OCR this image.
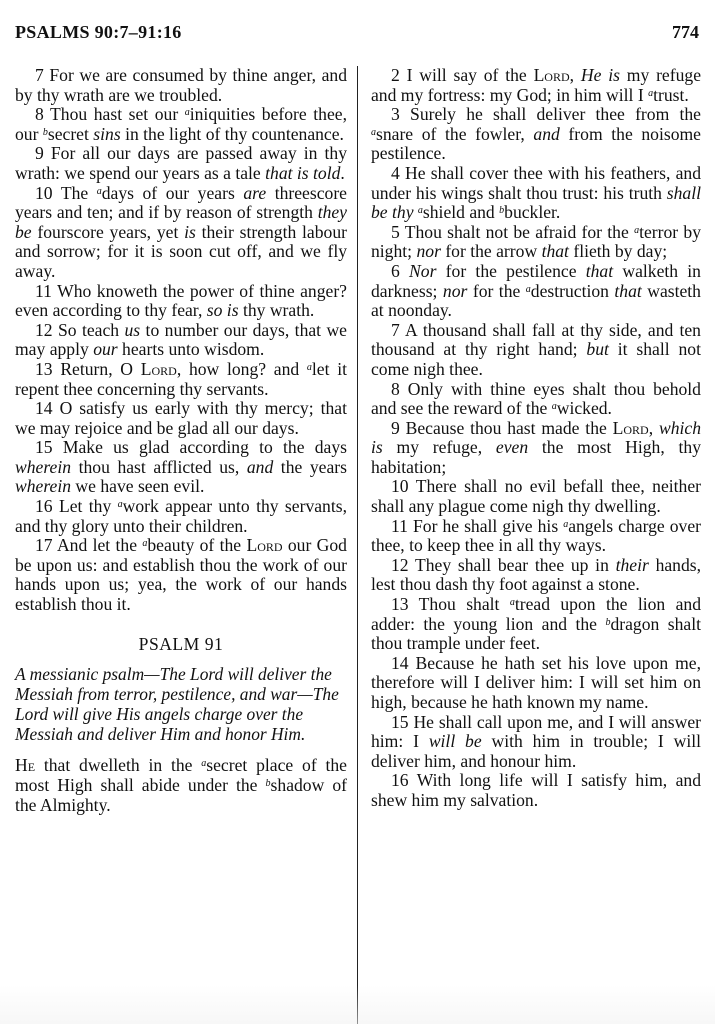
PSALMS 90:7–91:16	774

7 For we are consumed by thine anger, and by thy wrath are we troubled.

8 Thou hast set our $^a$iniquities before thee, our $^b$secret sins in the light of thy countenance.

9 For all our days are passed away in thy wrath: we spend our years as a tale that is told.

10 The $^a$days of our years are threescore years and ten; and if by reason of strength they be fourscore years, yet is their strength labour and sorrow; for it is soon cut off, and we fly away.

11 Who knoweth the power of thine anger? even according to thy fear, so is thy wrath.

12 So teach us to number our days, that we may apply our hearts unto wisdom.

13 Return, O Lord, how long? and $^a$let it repent thee concerning thy servants.

14 O satisfy us early with thy mercy; that we may rejoice and be glad all our days.

15 Make us glad according to the days wherein thou hast afflicted us, and the years wherein we have seen evil.

16 Let thy $^a$work appear unto thy servants, and thy glory unto their children.

17 And let the $^a$beauty of the Lord our God be upon us: and establish thou the work of our hands upon us; yea, the work of our hands establish thou it.

PSALM 91

A messianic psalm—The Lord will deliver the Messiah from terror, pestilence, and war—The Lord will give His angels charge over the Messiah and deliver Him and honor Him.

He that dwelleth in the $^a$secret place of the most High shall abide under the $^b$shadow of the Almighty.

2 I will say of the Lord, He is my refuge and my fortress: my God; in him will I $^a$trust.

3 Surely he shall deliver thee from the $^a$snare of the fowler, and from the noisome pestilence.

4 He shall cover thee with his feathers, and under his wings shalt thou trust: his truth shall be thy $^a$shield and $^b$buckler.

5 Thou shalt not be afraid for the $^a$terror by night; nor for the arrow that flieth by day;

6 Nor for the pestilence that walketh in darkness; nor for the $^a$destruction that wasteth at noonday.

7 A thousand shall fall at thy side, and ten thousand at thy right hand; but it shall not come nigh thee.

8 Only with thine eyes shalt thou behold and see the reward of the $^a$wicked.

9 Because thou hast made the Lord, which is my refuge, even the most High, thy habitation;

10 There shall no evil befall thee, neither shall any plague come nigh thy dwelling.

11 For he shall give his $^a$angels charge over thee, to keep thee in all thy ways.

12 They shall bear thee up in their hands, lest thou dash thy foot against a stone.

13 Thou shalt $^a$tread upon the lion and adder: the young lion and the $^b$dragon shalt thou trample under feet.

14 Because he hath set his love upon me, therefore will I deliver him: I will set him on high, because he hath known my name.

15 He shall call upon me, and I will answer him: I will be with him in trouble; I will deliver him, and honour him.

16 With long life will I satisfy him, and shew him my salvation.
